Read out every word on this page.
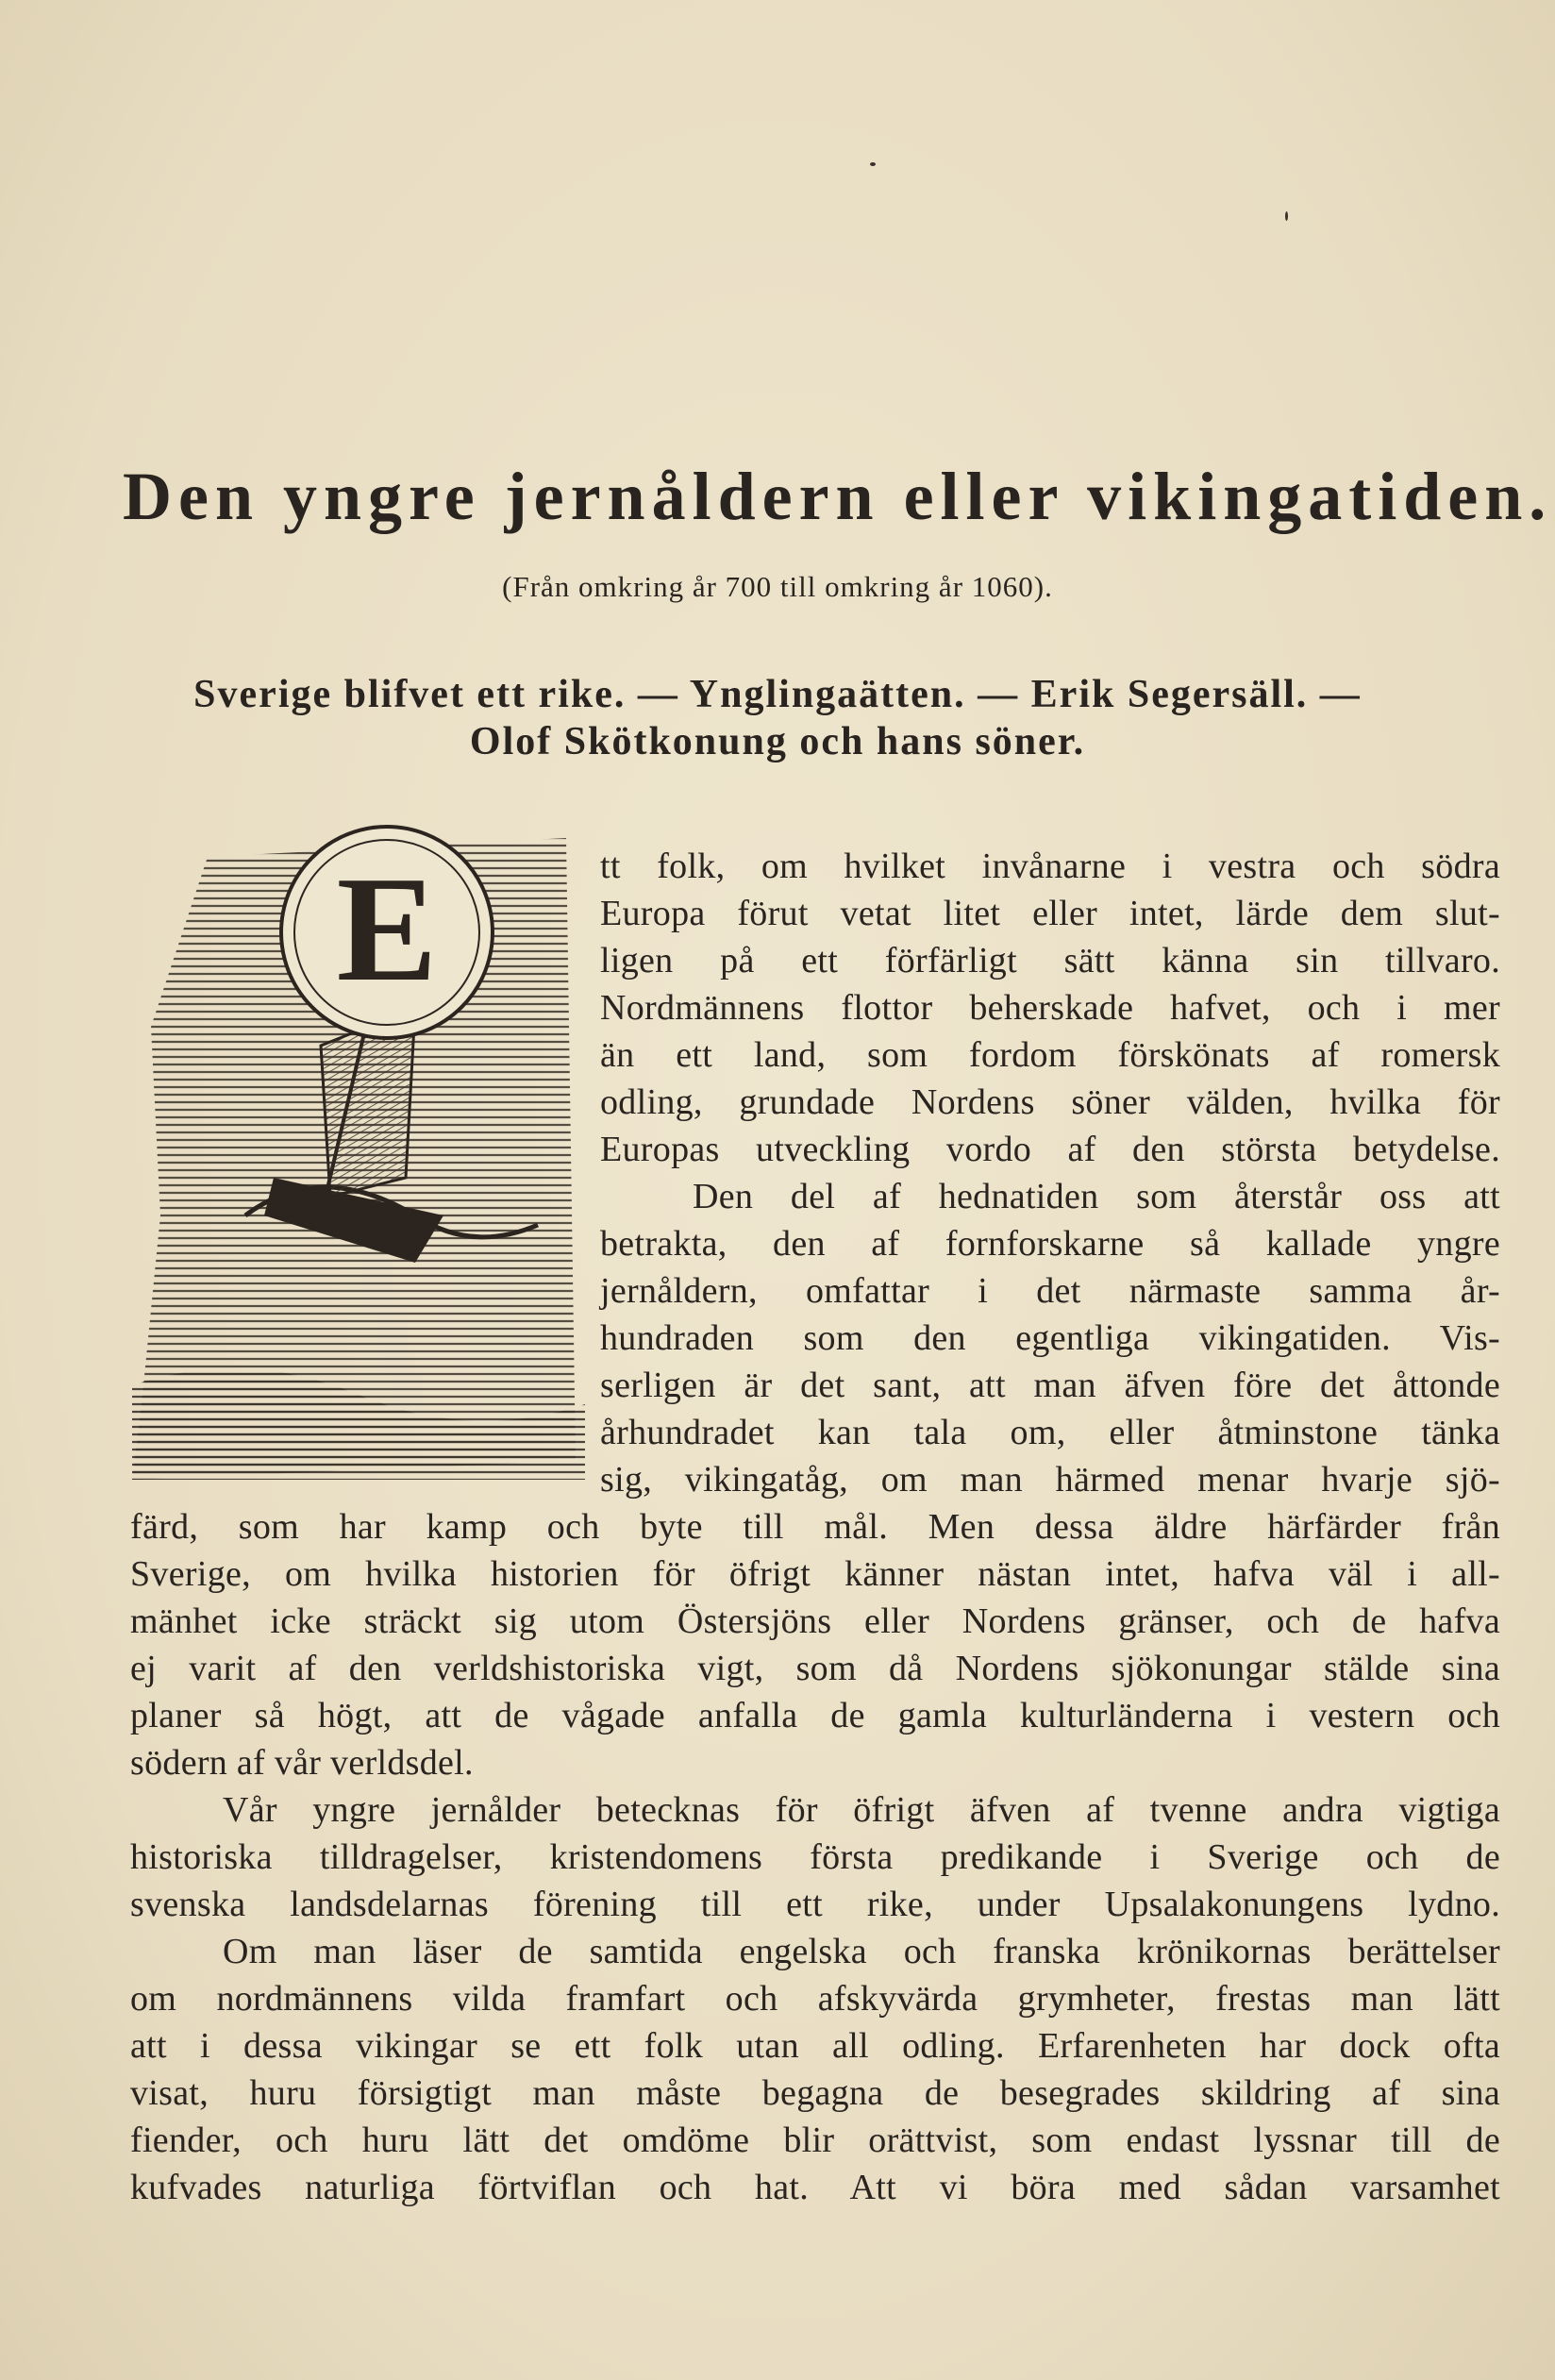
Den yngre jernåldern eller vikingatiden.
(Från omkring år 700 till omkring år 1060).
Sverige blifvet ett rike. — Ynglingaätten. — Erik Segersäll. —
Olof Skötkonung och hans söner.
E	tt folk, om hvilket invånarne i vestra och södra
Europa förut vetat litet eller intet, lärde dem slut-
ligen på ett förfärligt sätt känna sin tillvaro.
Nordmännens flottor beherskade hafvet, och i mer
än ett land, som fordom förskönats af romersk
odling, grundade Nordens söner välden, hvilka för
Europas utveckling vordo af den största betydelse.
Den del af hednatiden som återstår oss att
betrakta, den af fornforskarne så kallade yngre
jernåldern, omfattar i det närmaste samma år-
hundraden som den egentliga vikingatiden. Vis-
serligen är det sant, att man äfven före det åttonde
århundradet kan tala om, eller åtminstone tänka
sig, vikingatåg, om man härmed menar hvarje sjö-
färd, som har kamp och byte till mål. Men dessa äldre härfärder från
Sverige, om hvilka historien för öfrigt känner nästan intet, hafva väl i all-
mänhet icke sträckt sig utom Östersjöns eller Nordens gränser, och de hafva
ej varit af den verldshistoriska vigt, som då Nordens sjökonungar stälde sina
planer så högt, att de vågade anfalla de gamla kulturländerna i vestern och
södern af vår verldsdel.
Vår yngre jernålder betecknas för öfrigt äfven af tvenne andra vigtiga
historiska tilldragelser, kristendomens första predikande i Sverige och de
svenska landsdelarnas förening till ett rike, under Upsalakonungens lydno.
Om man läser de samtida engelska och franska krönikornas berättelser
om nordmännens vilda framfart och afskyvärda grymheter, frestas man lätt
att i dessa vikingar se ett folk utan all odling. Erfarenheten har dock ofta
visat, huru försigtigt man måste begagna de besegrades skildring af sina
fiender, och huru lätt det omdöme blir orättvist, som endast lyssnar till de
kufvades naturliga förtviflan och hat. Att vi böra med sådan varsamhet
